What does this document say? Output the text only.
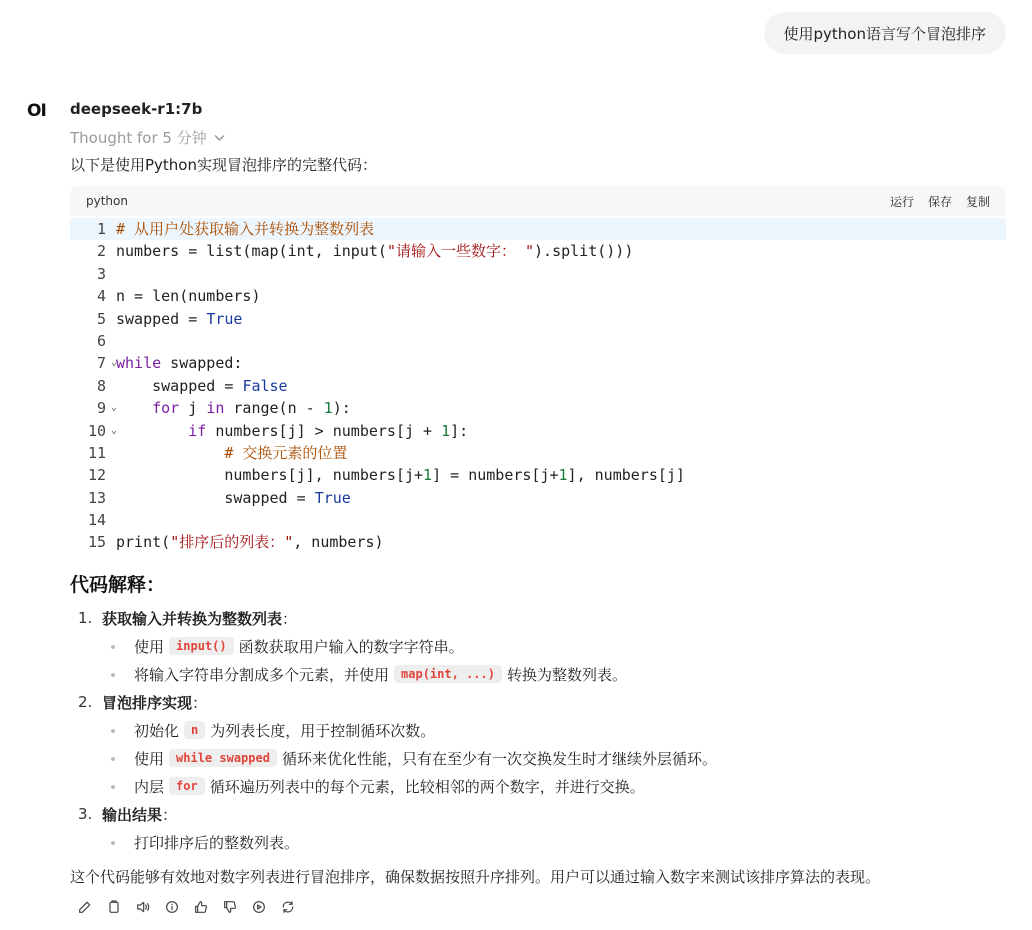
使用python语言写个冒泡排序
OI deepseek-r1:7b
Thought for 5 分钟
以下是使用Python实现冒泡排序的完整代码：
python	运行 保存 复制
1 # 从用户处获取输入并转换为整数列表
2 numbers = list(map(int, input("请输入一些数字： ").split()))
3
4 n = len(numbers)
5 swapped = True
6
7 ⌄
while swapped:
8 swapped = False
9 ⌄	for j in range(n - 1):
10 ⌄	if numbers[j] > numbers[j + 1]:
11	# 交换元素的位置
12 numbers[j], numbers[j+1] = numbers[j+1], numbers[j]
13 swapped = True
14
15 print("排序后的列表：", numbers)
代码解释：
1. 获取输入并转换为整数列表 ：
使用	input() 函数获取用户输入的数字字符串。
将输入字符串分割成多个元素，并使用	map(int, ...) 转换为整数列表。
2. 冒泡排序实现 ：
初始化	n 为列表长度，用于控制循环次数。
使用	while swapped 循环来优化性能，只有在至少有一次交换发生时才继续外层循环。
内层	for 循环遍历列表中的每个元素，比较相邻的两个数字，并进行交换。
3. 输出结果 ：
打印排序后的整数列表。
这个代码能够有效地对数字列表进行冒泡排序，确保数据按照升序排列。用户可以通过输入数字来测试该排序算法的表现。
